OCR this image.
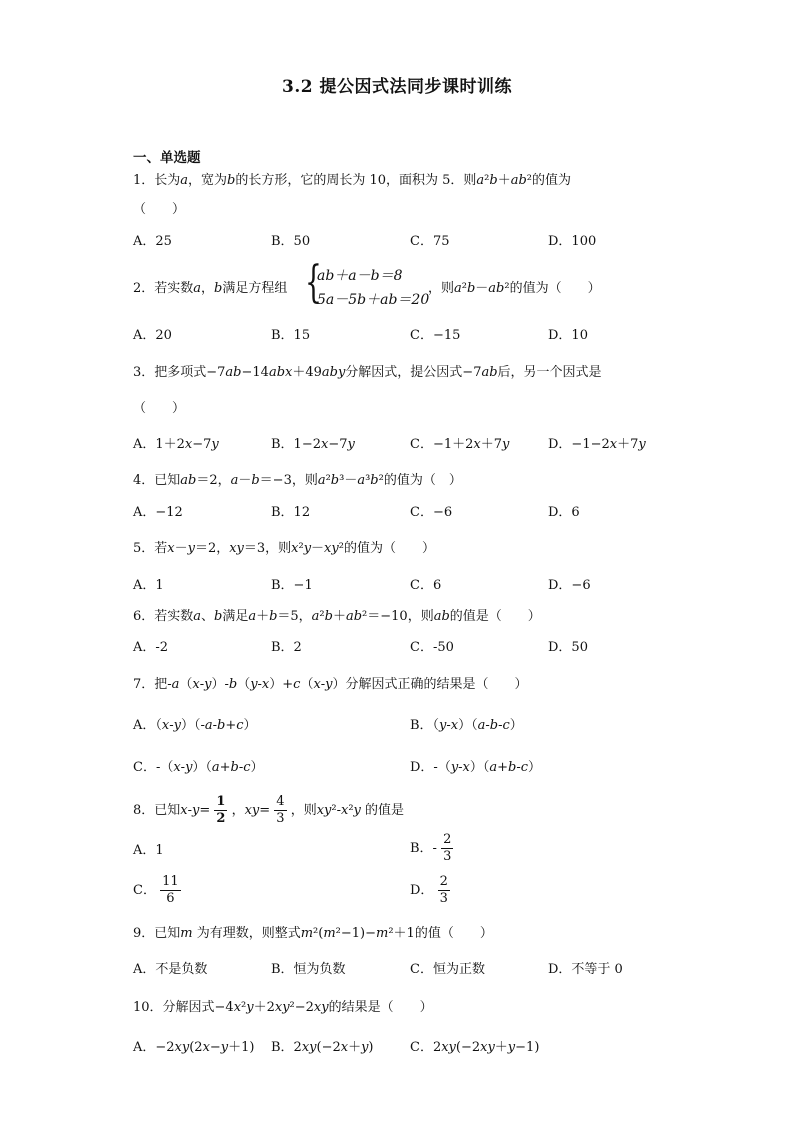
3.2 提公因式法同步课时训练
一、单选题
1．长为𝑎，宽为𝑏的长方形，它的周长为 10，面积为 5．则𝑎²𝑏＋𝑎𝑏²的值为
（　　）
A．25	B．50	C．75	D．100
2．若实数𝑎，𝑏满足方程组 {
𝑎𝑏＋𝑎－𝑏＝8
5𝑎－5𝑏＋𝑎𝑏＝20
，则𝑎²𝑏－𝑎𝑏²的值为（　　）
A．20	B．15	C．−15	D．10
3．把多项式−7𝑎𝑏−14𝑎𝑏𝑥＋49𝑎𝑏𝑦分解因式，提公因式−7𝑎𝑏后，另一个因式是
（　　）
A．1＋2𝑥−7𝑦	B．1−2𝑥−7𝑦	C．−1＋2𝑥＋7𝑦	D．−1−2𝑥＋7𝑦
4．已知𝑎𝑏＝2，𝑎－𝑏＝−3，则𝑎²𝑏³－𝑎³𝑏²的值为（　）
A．−12	B．12	C．−6	D．6
5．若𝑥－𝑦＝2，𝑥𝑦＝3，则𝑥²𝑦－𝑥𝑦²的值为（　　）
A．1	B．−1	C．6	D．−6
6．若实数𝑎、𝑏满足𝑎＋𝑏＝5，𝑎²𝑏＋𝑎𝑏²＝−10，则𝑎𝑏的值是（　　）
A．-2	B．2	C．-50	D．50
7．把-𝑎（𝑥-𝑦）-𝑏（𝑦-𝑥）+𝑐（𝑥-𝑦）分解因式正确的结果是（　　）
A．（𝑥-𝑦）（-𝑎-𝑏+𝑐）	B．（𝑦-𝑥）（𝑎-𝑏-𝑐）
C．-（𝑥-𝑦）（𝑎+𝑏-𝑐）	D．-（𝑦-𝑥）（𝑎+𝑏-𝑐）
8．已知𝑥-𝑦= $\frac{1}{2}$ ，𝑥𝑦= $\frac{4}{3}$ ，则𝑥𝑦²-𝑥²𝑦 的值是
A．1	B．- $\frac{2}{3}$
C． $\frac{11}{6}$	D． $\frac{2}{3}$
9．已知𝑚 为有理数，则整式𝑚²(𝑚²−1)−𝑚²＋1的值（　　）
A．不是负数	B．恒为负数	C．恒为正数	D．不等于 0
10．分解因式−4𝑥²𝑦＋2𝑥𝑦²−2𝑥𝑦的结果是（　　）
A．−2𝑥𝑦(2𝑥−𝑦＋1) B．2𝑥𝑦(−2𝑥＋𝑦)	C．2𝑥𝑦(−2𝑥𝑦＋𝑦−1)
